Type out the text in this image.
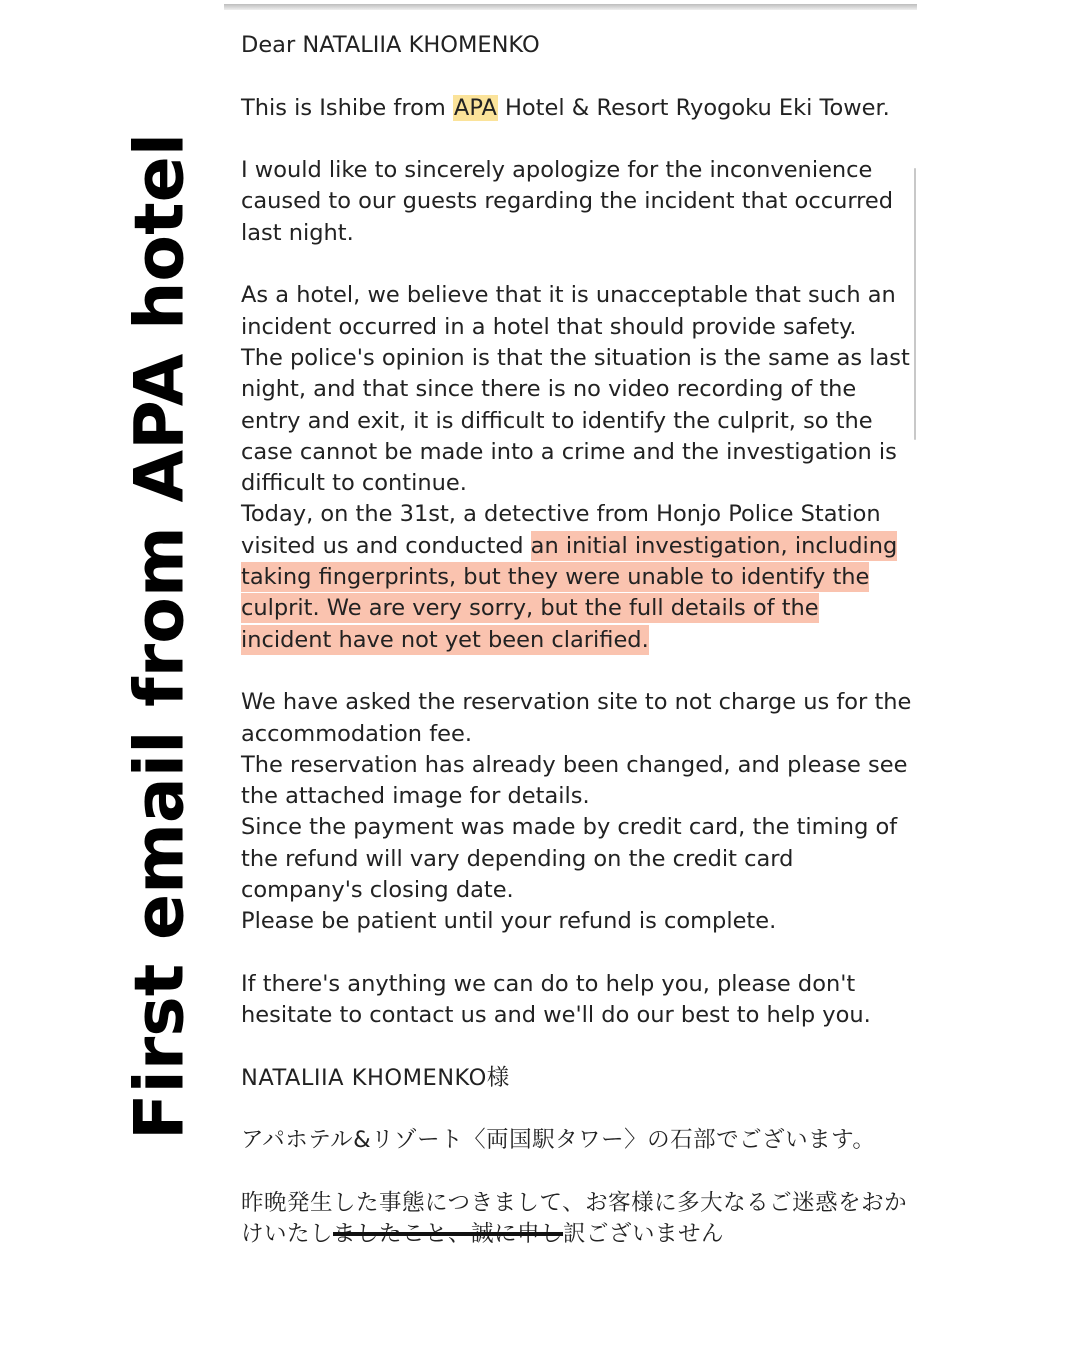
First email from APA hotel

Dear NATALIIA KHOMENKO

This is Ishibe from APA Hotel & Resort Ryogoku Eki Tower.

I would like to sincerely apologize for the inconvenience caused to our guests regarding the incident that occurred last night.

As a hotel, we believe that it is unacceptable that such an incident occurred in a hotel that should provide safety.

The police's opinion is that the situation is the same as last night, and that since there is no video recording of the entry and exit, it is difficult to identify the culprit, so the case cannot be made into a crime and the investigation is difficult to continue.

Today, on the 31st, a detective from Honjo Police Station visited us and conducted an initial investigation, including taking fingerprints, but they were unable to identify the culprit. We are very sorry, but the full details of the incident have not yet been clarified.

We have asked the reservation site to not charge us for the accommodation fee.

The reservation has already been changed, and please see the attached image for details.

Since the payment was made by credit card, the timing of the refund will vary depending on the credit card company's closing date.

Please be patient until your refund is complete.

If there's anything we can do to help you, please don't hesitate to contact us and we'll do our best to help you.

NATALIIA KHOMENKO様

アパホテル&リゾート〈両国駅タワー〉の石部でございます。

昨晩発生した事態につきまして、お客様に多大なるご迷惑をおかけいたしましたこと、誠に申し訳ございません
